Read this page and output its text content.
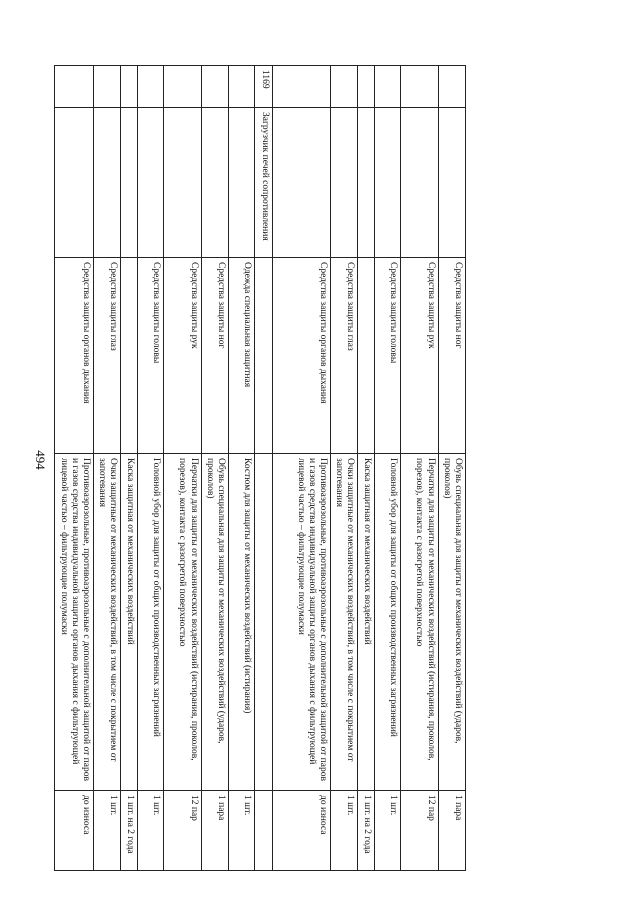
494
		Средства защиты ног	Обувь специальная для защиты от механических воздействий (ударов, проколов)	1 пара
		Средства защиты рук	Перчатки для защиты от механических воздействий (истирания, проколов, порезов), контакта с разогретой поверхностью	12 пар
		Средства защиты головы	Головной убор для защиты от общих производственных загрязнений	1 шт.
			Каска защитная от механических воздействий	1 шт. на 2 года
		Средства защиты глаз	Очки защитные от механических воздействий, в том числе с покрытием от запотевания	1 шт.
		Средства защиты органов дыхания	Противоаэрозольные, противоаэрозольные с дополнительной защитой от паров и газов средства индивидуальной защиты органов дыхания с фильтрующей лицевой частью – фильтрующие полумаски	до износа
1169	Загрузчик печей сопротивления			
		Одежда специальная защитная	Костюм для защиты от механических воздействий (истирания)	1 шт.
		Средства защиты ног	Обувь специальная для защиты от механических воздействий (ударов, проколов)	1 пара
		Средства защиты рук	Перчатки для защиты от механических воздействий (истирания, проколов, порезов), контакта с разогретой поверхностью	12 пар
		Средства защиты головы	Головной убор для защиты от общих производственных загрязнений	1 шт.
			Каска защитная от механических воздействий	1 шт. на 2 года
		Средства защиты глаз	Очки защитные от механических воздействий, в том числе с покрытием от запотевания	1 шт.
		Средства защиты органов дыхания	Противоаэрозольные, противоаэрозольные с дополнительной защитой от паров и газов средства индивидуальной защиты органов дыхания с фильтрующей лицевой частью – фильтрующие полумаски	до износа
